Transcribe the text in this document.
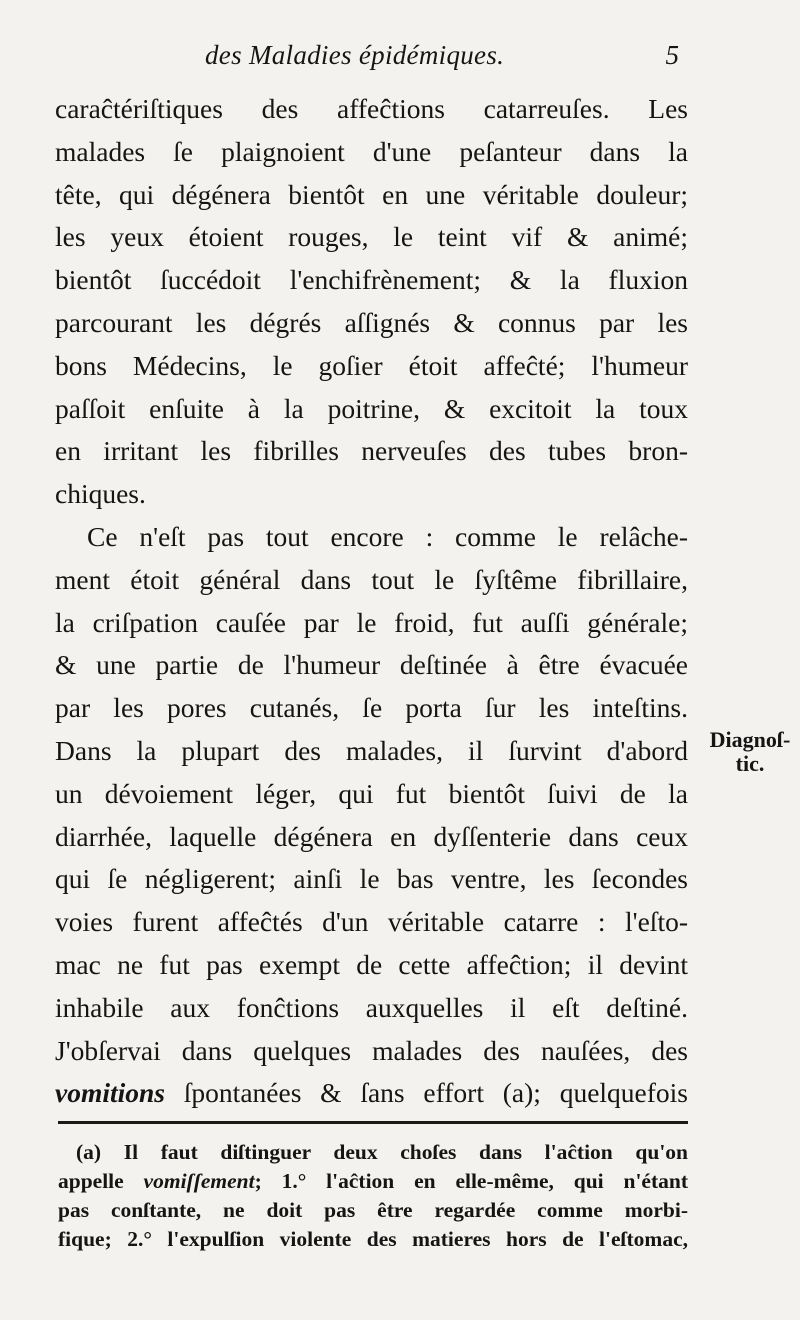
des Maladies épidémiques.	5
caraĉtériſtiques des affeĉtions catarreuſes. Les
malades ſe plaignoient d'une peſanteur dans la
tête, qui dégénera bientôt en une véritable douleur;
les yeux étoient rouges, le teint vif & animé;
bientôt ſuccédoit l'enchifrènement; & la fluxion
parcourant les dégrés aſſignés & connus par les
bons Médecins, le goſier étoit affeĉté; l'humeur
paſſoit enſuite à la poitrine, & excitoit la toux
en irritant les fibrilles nerveuſes des tubes bron-
chiques.
Ce n'eſt pas tout encore : comme le relâche-
ment étoit général dans tout le ſyſtême fibrillaire,
la criſpation cauſée par le froid, fut auſſi générale;
& une partie de l'humeur deſtinée à être évacuée
par les pores cutanés, ſe porta ſur les inteſtins.
Dans la plupart des malades, il ſurvint d'abord
un dévoiement léger, qui fut bientôt ſuivi de la
diarrhée, laquelle dégénera en dyſſenterie dans ceux
qui ſe négligerent; ainſi le bas ventre, les ſecondes
voies furent affeĉtés d'un véritable catarre : l'eſto-
mac ne fut pas exempt de cette affeĉtion; il devint
inhabile aux fonĉtions auxquelles il eſt deſtiné.
J'obſervai dans quelques malades des nauſées, des
vomitions ſpontanées & ſans effort (a); quelquefois
Diagnoſ-
tic.
(a) Il faut diſtinguer deux choſes dans l'aĉtion qu'on
appelle vomiſſement; 1.° l'aĉtion en elle-même, qui n'étant
pas conſtante, ne doit pas être regardée comme morbi-
fique; 2.° l'expulſion violente des matieres hors de l'eſtomac,
